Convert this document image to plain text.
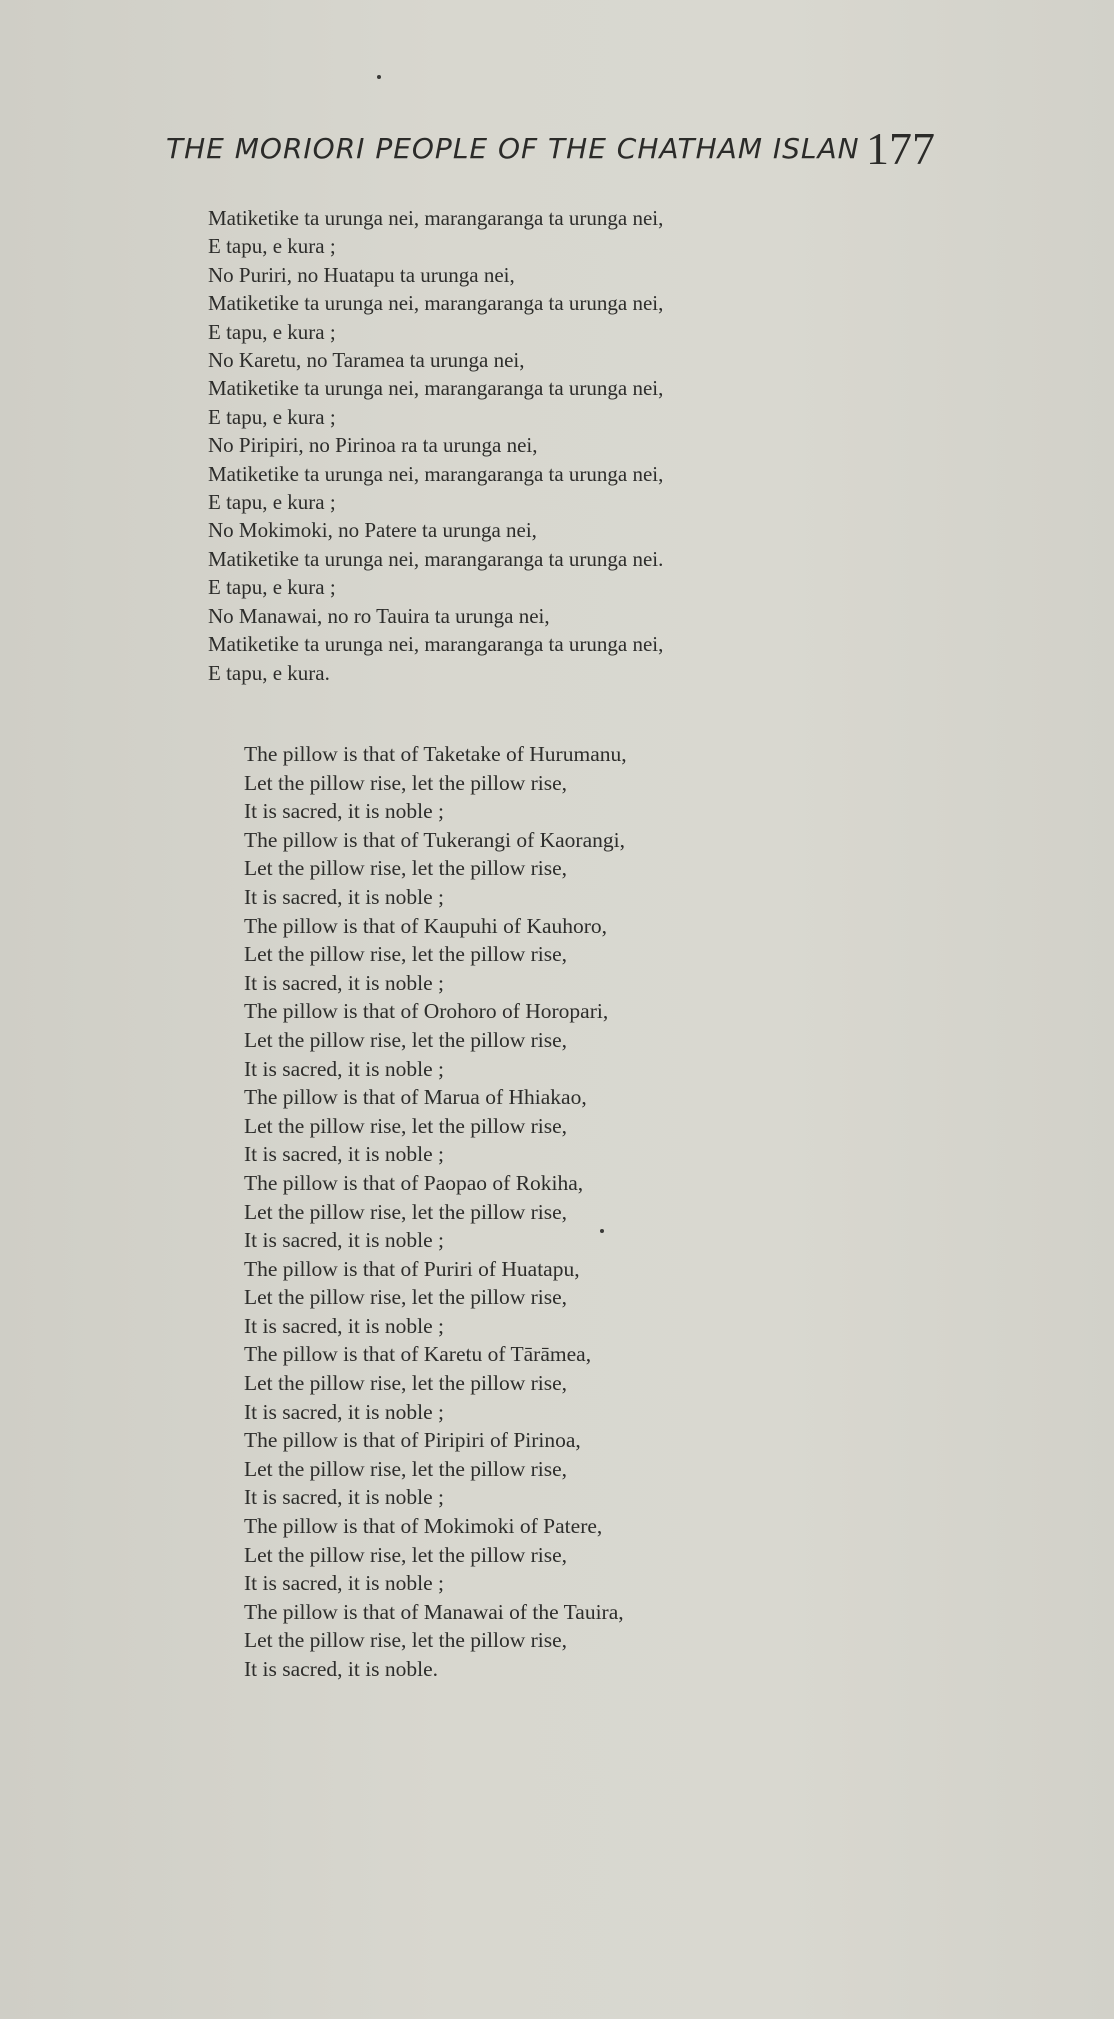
THE MORIORI PEOPLE OF THE CHATHAM ISLAN 177
Matiketike ta urunga nei, marangaranga ta urunga nei,
E tapu, e kura ;
No Puriri, no Huatapu ta urunga nei,
Matiketike ta urunga nei, marangaranga ta urunga nei,
E tapu, e kura ;
No Karetu, no Taramea ta urunga nei,
Matiketike ta urunga nei, marangaranga ta urunga nei,
E tapu, e kura ;
No Piripiri, no Pirinoa ra ta urunga nei,
Matiketike ta urunga nei, marangaranga ta urunga nei,
E tapu, e kura ;
No Mokimoki, no Patere ta urunga nei,
Matiketike ta urunga nei, marangaranga ta urunga nei.
E tapu, e kura ;
No Manawai, no ro Tauira ta urunga nei,
Matiketike ta urunga nei, marangaranga ta urunga nei,
E tapu, e kura.
The pillow is that of Taketake of Hurumanu,
Let the pillow rise, let the pillow rise,
It is sacred, it is noble ;
The pillow is that of Tukerangi of Kaorangi,
Let the pillow rise, let the pillow rise,
It is sacred, it is noble ;
The pillow is that of Kaupuhi of Kauhoro,
Let the pillow rise, let the pillow rise,
It is sacred, it is noble ;
The pillow is that of Orohoro of Horopari,
Let the pillow rise, let the pillow rise,
It is sacred, it is noble ;
The pillow is that of Marua of Hhiakao,
Let the pillow rise, let the pillow rise,
It is sacred, it is noble ;
The pillow is that of Paopao of Rokiha,
Let the pillow rise, let the pillow rise,
It is sacred, it is noble ;
The pillow is that of Puriri of Huatapu,
Let the pillow rise, let the pillow rise,
It is sacred, it is noble ;
The pillow is that of Karetu of Tārāmea,
Let the pillow rise, let the pillow rise,
It is sacred, it is noble ;
The pillow is that of Piripiri of Pirinoa,
Let the pillow rise, let the pillow rise,
It is sacred, it is noble ;
The pillow is that of Mokimoki of Patere,
Let the pillow rise, let the pillow rise,
It is sacred, it is noble ;
The pillow is that of Manawai of the Tauira,
Let the pillow rise, let the pillow rise,
It is sacred, it is noble.
